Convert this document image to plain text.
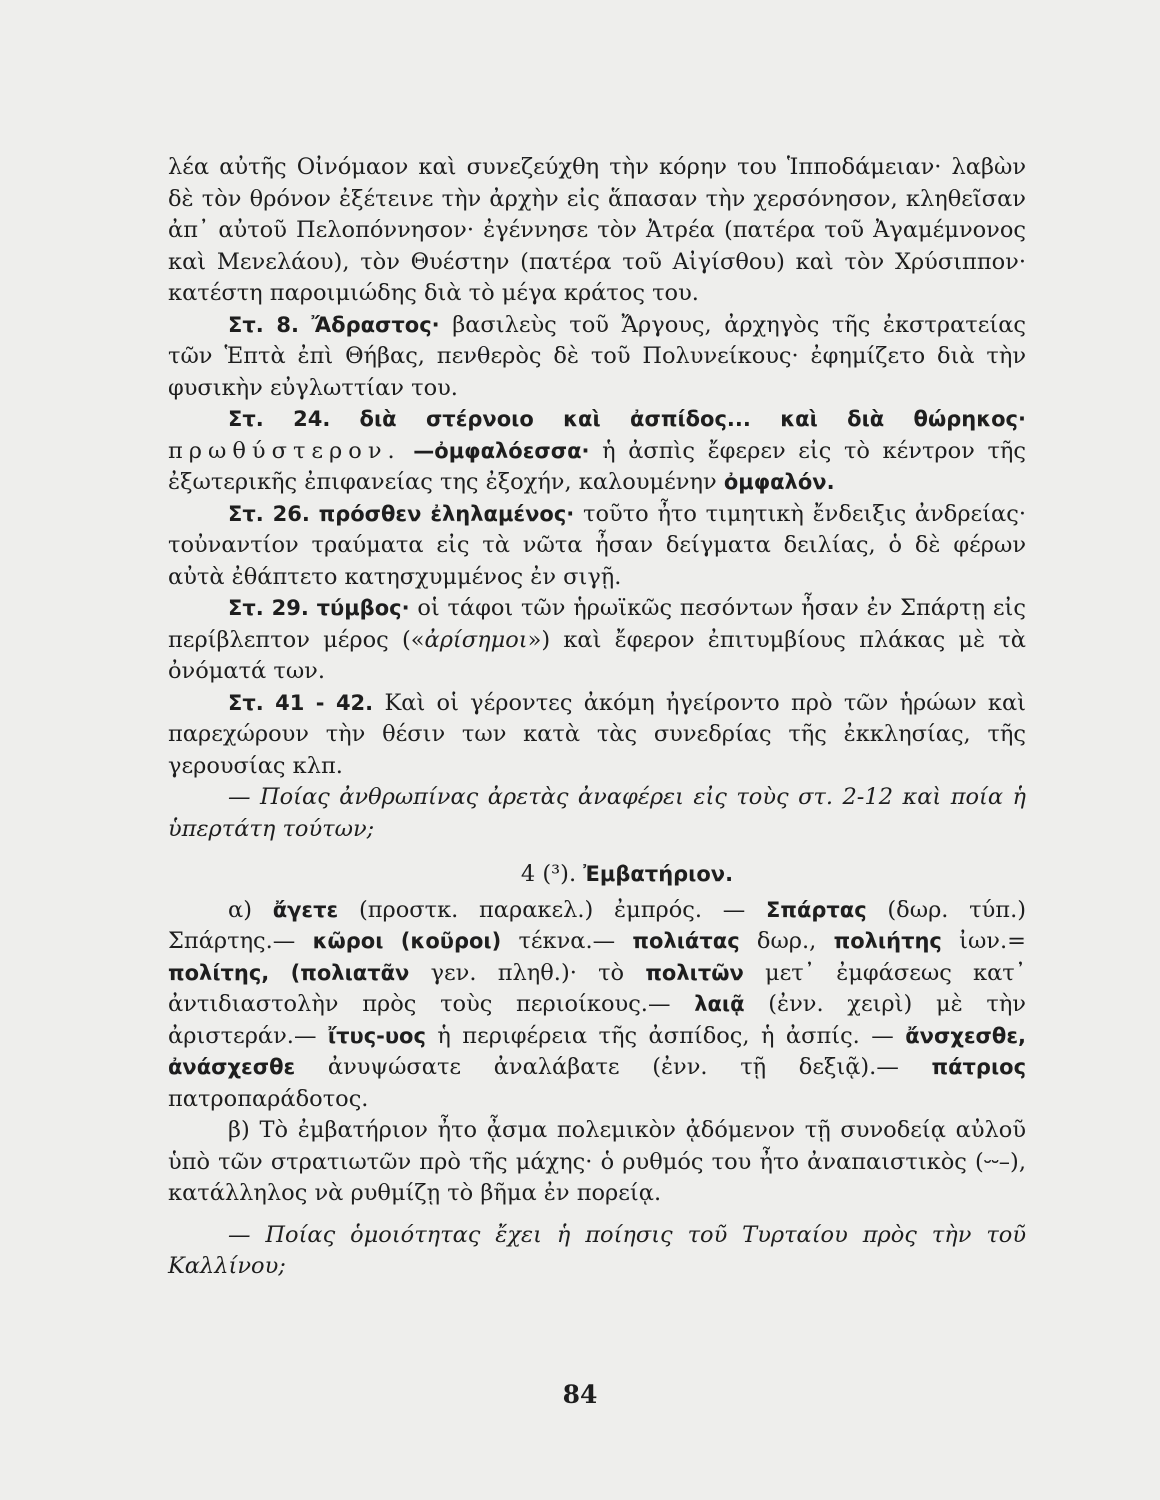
λέα αὐτῆς Οἰνόμαον καὶ συνεζεύχθη τὴν κόρην του Ἱπποδάμειαν· λαβὼν δὲ τὸν θρόνον ἐξέτεινε τὴν ἀρχὴν εἰς ἅπασαν τὴν χερσόνησον, κληθεῖσαν ἀπ᾽ αὐτοῦ Πελοπόννησον· ἐγέννησε τὸν Ἀτρέα (πατέρα τοῦ Ἀγαμέμνονος καὶ Μενελάου), τὸν Θυέστην (πατέρα τοῦ Αἰγίσθου) καὶ τὸν Χρύσιππον· κατέστη παροιμιώδης διὰ τὸ μέγα κράτος του.

Στ. 8. Ἄδραστος· βασιλεὺς τοῦ Ἄργους, ἀρχηγὸς τῆς ἐκστρατείας τῶν Ἑπτὰ ἐπὶ Θήβας, πενθερὸς δὲ τοῦ Πολυνείκους· ἐφημίζετο διὰ τὴν φυσικὴν εὐγλωττίαν του.

Στ. 24. διὰ στέρνοιο καὶ ἀσπίδος... καὶ διὰ θώρηκος· πρωθύστερον. —ὀμφαλόεσσα· ἡ ἀσπὶς ἔφερεν εἰς τὸ κέντρον τῆς ἐξωτερικῆς ἐπιφανείας της ἐξοχήν, καλουμένην ὀμφαλόν.

Στ. 26. πρόσθεν ἐληλαμένος· τοῦτο ἦτο τιμητικὴ ἔνδειξις ἀνδρείας· τοὐναντίον τραύματα εἰς τὰ νῶτα ἦσαν δείγματα δειλίας, ὁ δὲ φέρων αὐτὰ ἐθάπτετο κατησχυμμένος ἐν σιγῇ.

Στ. 29. τύμβος· οἱ τάφοι τῶν ἡρωϊκῶς πεσόντων ἦσαν ἐν Σπάρτῃ εἰς περίβλεπτον μέρος («ἀρίσημοι») καὶ ἔφερον ἐπιτυμβίους πλάκας μὲ τὰ ὀνόματά των.

Στ. 41 - 42. Καὶ οἱ γέροντες ἀκόμη ἠγείροντο πρὸ τῶν ἡρώων καὶ παρεχώρουν τὴν θέσιν των κατὰ τὰς συνεδρίας τῆς ἐκκλησίας, τῆς γερουσίας κλπ.

— Ποίας ἀνθρωπίνας ἀρετὰς ἀναφέρει εἰς τοὺς στ. 2-12 καὶ ποία ἡ ὑπερτάτη τούτων;

4 (³). Ἐμβατήριον.

α) ἄγετε (προστκ. παρακελ.) ἐμπρός. — Σπάρτας (δωρ. τύπ.) Σπάρτης.— κῶροι (κοῦροι) τέκνα.— πολιάτας δωρ., πολιήτης ἰων.= πολίτης, (πολιατᾶν γεν. πληθ.)· τὸ πολιτῶν μετ᾽ ἐμφάσεως κατ᾽ ἀντιδιαστολὴν πρὸς τοὺς περιοίκους.— λαιᾷ (ἐνν. χειρὶ) μὲ τὴν ἀριστεράν.— ἴτυς-υος ἡ περιφέρεια τῆς ἀσπίδος, ἡ ἀσπίς. — ἄνσχεσθε, ἀνάσχεσθε ἀνυψώσατε ἀναλάβατε (ἐνν. τῇ δεξιᾷ).— πάτριος πατροπαράδοτος.

β) Τὸ ἐμβατήριον ἦτο ᾆσμα πολεμικὸν ᾀδόμενον τῇ συνοδείᾳ αὐλοῦ ὑπὸ τῶν στρατιωτῶν πρὸ τῆς μάχης· ὁ ρυθμός του ἦτο ἀναπαιστικὸς (⏑⏑–), κατάλληλος νὰ ρυθμίζῃ τὸ βῆμα ἐν πορείᾳ.

— Ποίας ὁμοιότητας ἔχει ἡ ποίησις τοῦ Τυρταίου πρὸς τὴν τοῦ Καλλίνου;

84
